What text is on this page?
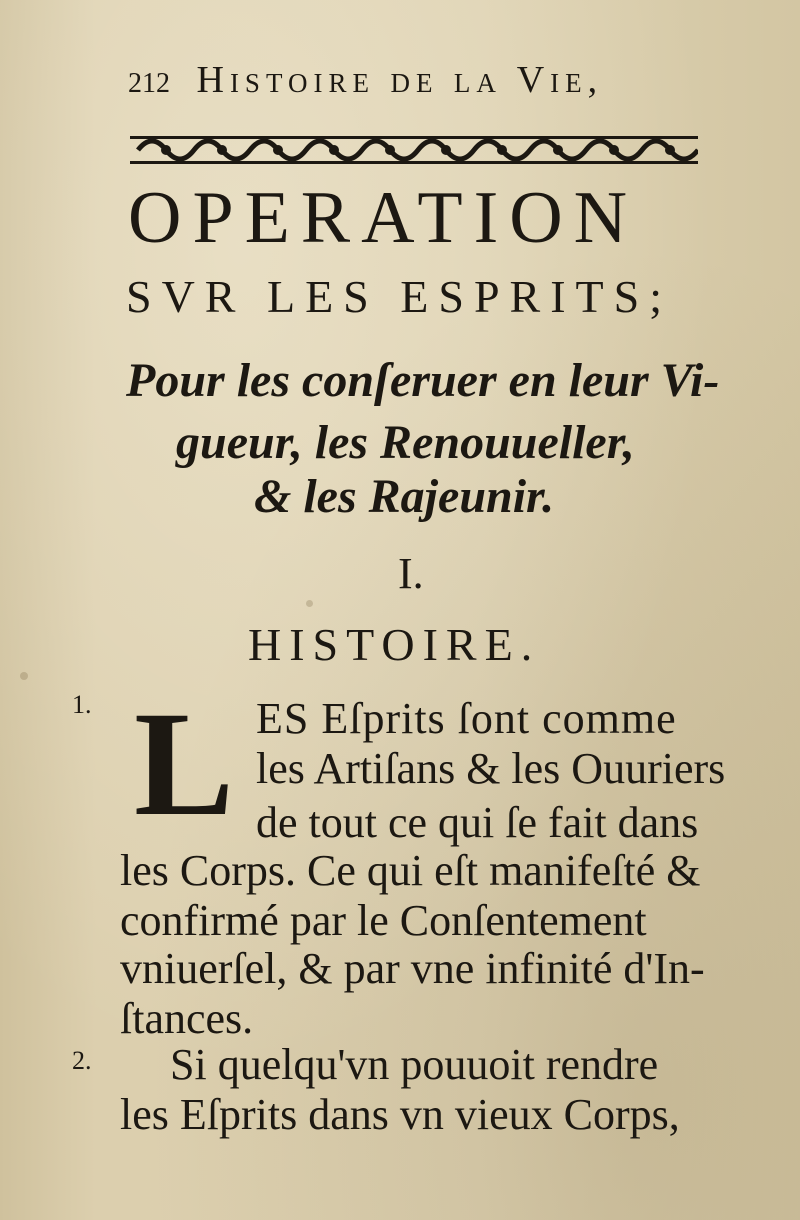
212 Histoire de la Vie,
OPERATION
SVR LES ESPRITS;
Pour les conſeruer en leur Vi-
gueur, les Renouueller,
& les Rajeunir.
I.
HISTOIRE.
1.
2.
L ES Eſprits ſont comme
les Artiſans & les Ouuriers
de tout ce qui ſe fait dans
les Corps. Ce qui eſt manifeſté &
confirmé par le Conſentement
vniuerſel, & par vne infinité d'In-
ſtances.
Si quelqu'vn pouuoit rendre
les Eſprits dans vn vieux Corps,
